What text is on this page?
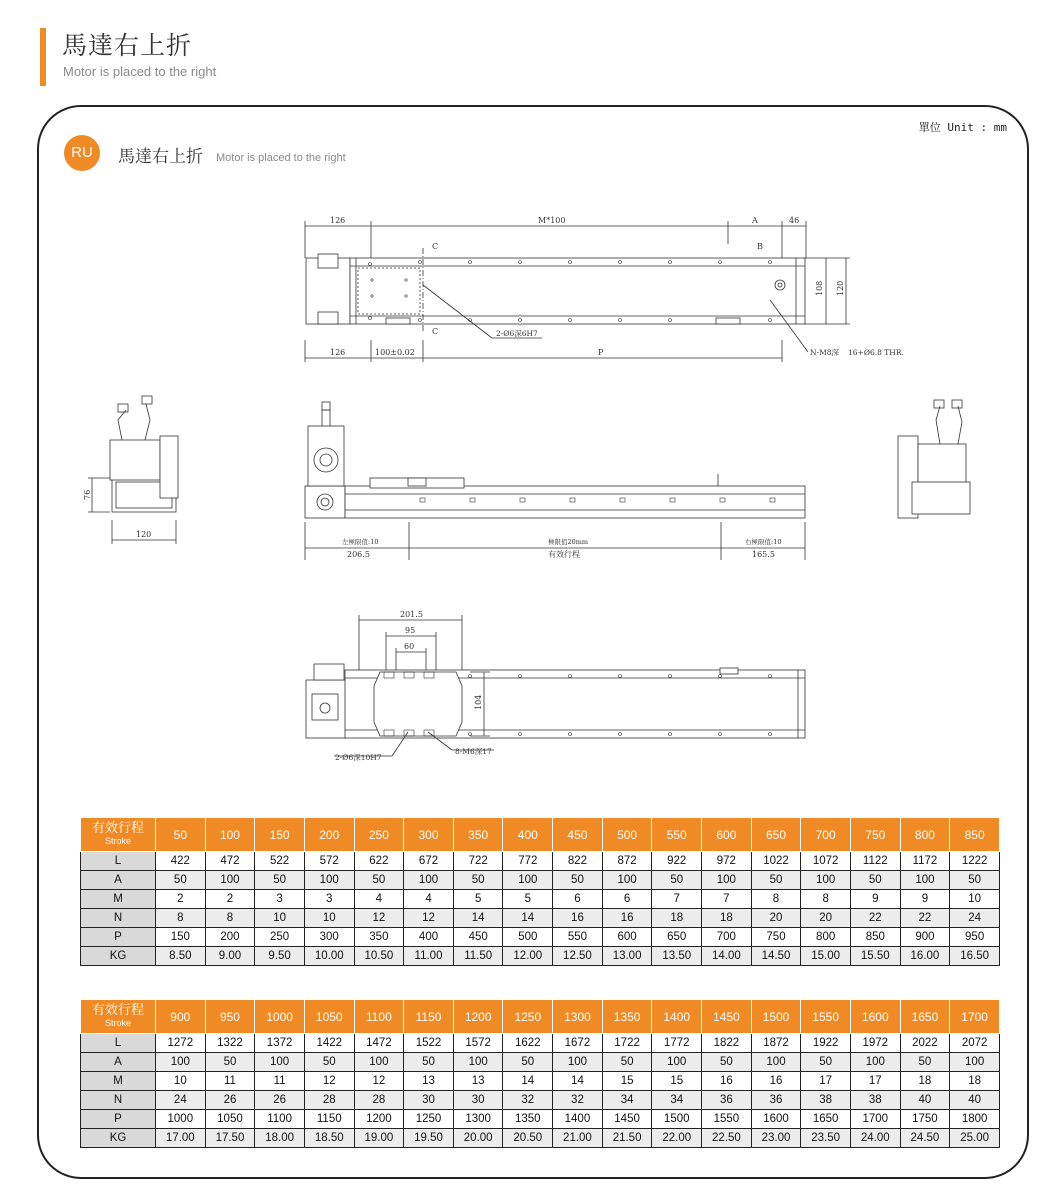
馬達右上折
Motor is placed to the right
單位 Unit : mm
RU	馬達右上折 Motor is placed to the right
126	M*100	A	46
C	B
C
108 120
2-Ø6深6H7
N-M8深 16+Ø6.8 THR.
126	100±0.02	P
76
120
左極限值:10	極限值20mm	右極限值:10
206.5	有效行程	165.5
201.5
95
60
104
2-Ø6深10H7
8-M6深17
有效行程
Stroke	50	100	150	200	250	300	350	400	450	500	550	600	650	700	750	800	850
L	422	472	522	572	622	672	722	772	822	872	922	972	1022	1072	1122	1172	1222
A	50	100	50	100	50	100	50	100	50	100	50	100	50	100	50	100	50
M	2	2	3	3	4	4	5	5	6	6	7	7	8	8	9	9	10
N	8	8	10	10	12	12	14	14	16	16	18	18	20	20	22	22	24
P	150	200	250	300	350	400	450	500	550	600	650	700	750	800	850	900	950
KG	8.50	9.00	9.50	10.00	10.50	11.00	11.50	12.00	12.50	13.00	13.50	14.00	14.50	15.00	15.50	16.00	16.50
有效行程
Stroke	900	950	1000	1050	1100	1150	1200	1250	1300	1350	1400	1450	1500	1550	1600	1650	1700
L	1272	1322	1372	1422	1472	1522	1572	1622	1672	1722	1772	1822	1872	1922	1972	2022	2072
A	100	50	100	50	100	50	100	50	100	50	100	50	100	50	100	50	100
M	10	11	11	12	12	13	13	14	14	15	15	16	16	17	17	18	18
N	24	26	26	28	28	30	30	32	32	34	34	36	36	38	38	40	40
P	1000	1050	1100	1150	1200	1250	1300	1350	1400	1450	1500	1550	1600	1650	1700	1750	1800
KG	17.00	17.50	18.00	18.50	19.00	19.50	20.00	20.50	21.00	21.50	22.00	22.50	23.00	23.50	24.00	24.50	25.00
